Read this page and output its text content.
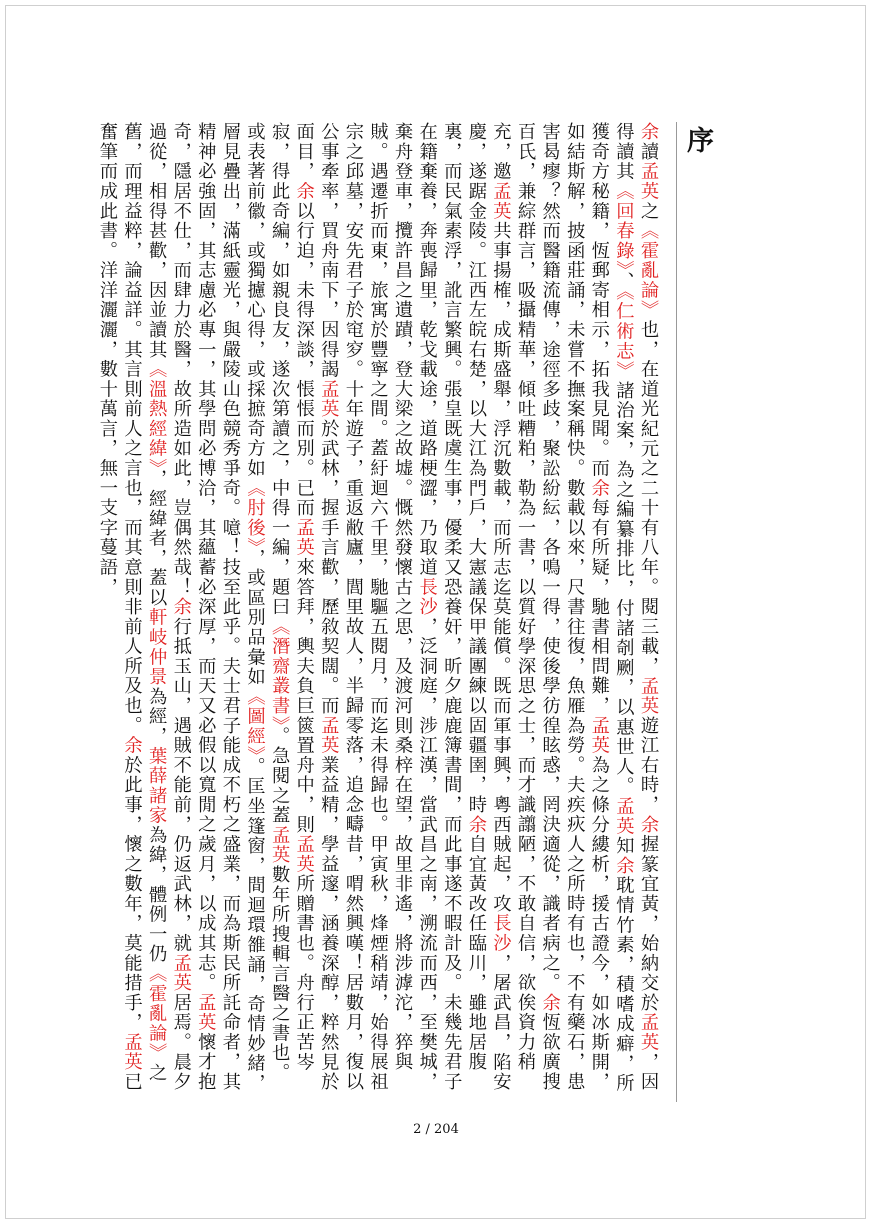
序
余讀孟英之《霍亂論》也，在道光紀元之二十有八年。閱三載，孟英遊江右時，余握篆宜黃，始納交於孟英，因得讀其《回春錄》、《仁術志》諸治案，為之編纂排比，付諸剞劂，以惠世人。孟英知余耽情竹素，積嗜成癖，所獲奇方秘籍，恆郵寄相示，拓我見聞。而余每有所疑，馳書相問難，孟英為之條分縷析，援古證今，如冰斯開，如結斯解，披函莊誦，未嘗不撫案稱快。數載以來，尺書往復，魚雁為勞。夫疾疢人之所時有也，不有藥石，患害曷瘳？然而醫籍流傳，途徑多歧，聚訟紛紜，各鳴一得，使後學彷徨眩惑，罔決適從，識者病之。余恆欲廣搜百氏，兼綜群言，吸攝精華，傾吐糟粕，勒為一書，以質好學深思之士，而才識譾陋，不敢自信，欲俟資力稍充，邀孟英共事揚榷，成斯盛舉，浮沉數載，而所志迄莫能償。既而軍事興，粵西賊起，攻長沙，屠武昌，陷安慶，遂踞金陵。江西左皖右楚，以大江為門戶，大憲議保甲議團練以固疆圉，時余自宜黃改任臨川，雖地居腹裏，而民氣素浮，訛言繁興。張皇既虞生事，優柔又恐養奸，昕夕鹿鹿簿書間，而此事遂不暇計及。未幾先君子在籍棄養，奔喪歸里，乾戈載途，道路梗澀，乃取道長沙，泛洞庭，涉江漢，當武昌之南，溯流而西，至樊城，棄舟登車，攬許昌之遺蹟，登大梁之故墟。慨然發懷古之思，及渡河則桑梓在望，故里非遙，將涉滹沱，猝與賊。遇遷折而東，旅寓於豐寧之間。蓋紆迴六千里，馳驅五閱月，而迄未得歸也。甲寅秋，烽煙稍靖，始得展祖宗之邱墓，安先君子於窀穸。十年遊子，重返敝廬，閭里故人，半歸零落，追念疇昔，喟然興嘆！居數月，復以公事牽率，買舟南下，因得謁孟英於武林，握手言歡，歷敘契闊。而孟英業益精，學益邃，涵養深醇，粹然見於面目，余以行迫，未得深談，悵悵而別。已而孟英來答拜，輿夫負巨篋置舟中，則孟英所贈書也。舟行正苦岑寂，得此奇編，如親良友，遂次第讀之，中得一編，題曰《潛齋叢書》。急閱之蓋孟英數年所搜輯言醫之書也。或表著前徽，或獨攄心得，或採摭奇方如《肘後》，或區別品彙如《圖經》。匡坐篷窗，間迴環雒誦，奇情妙緒，層見疊出，滿紙靈光，與嚴陵山色競秀爭奇。噫！技至此乎。夫士君子能成不朽之盛業，而為斯民所託命者，其精神必強固，其志慮必專一，其學問必博洽，其蘊蓄必深厚，而天又必假以寬閒之歲月，以成其志。孟英懷才抱奇，隱居不仕，而肆力於醫，故所造如此，豈偶然哉！余行抵玉山，遇賊不能前，仍返武林，就孟英居焉。晨夕過從，相得甚歡，因並讀其《溫熱經緯》，經緯者，蓋以軒岐仲景為經，葉薛諸家為緯，體例一仍《霍亂論》之舊，而理益粹，論益詳。其言則前人之言也，而其意則非前人所及也。余於此事，懷之數年，莫能措手，孟英已奮筆而成此書。洋洋灑灑，數十萬言，無一支字蔓語，
2 / 204
